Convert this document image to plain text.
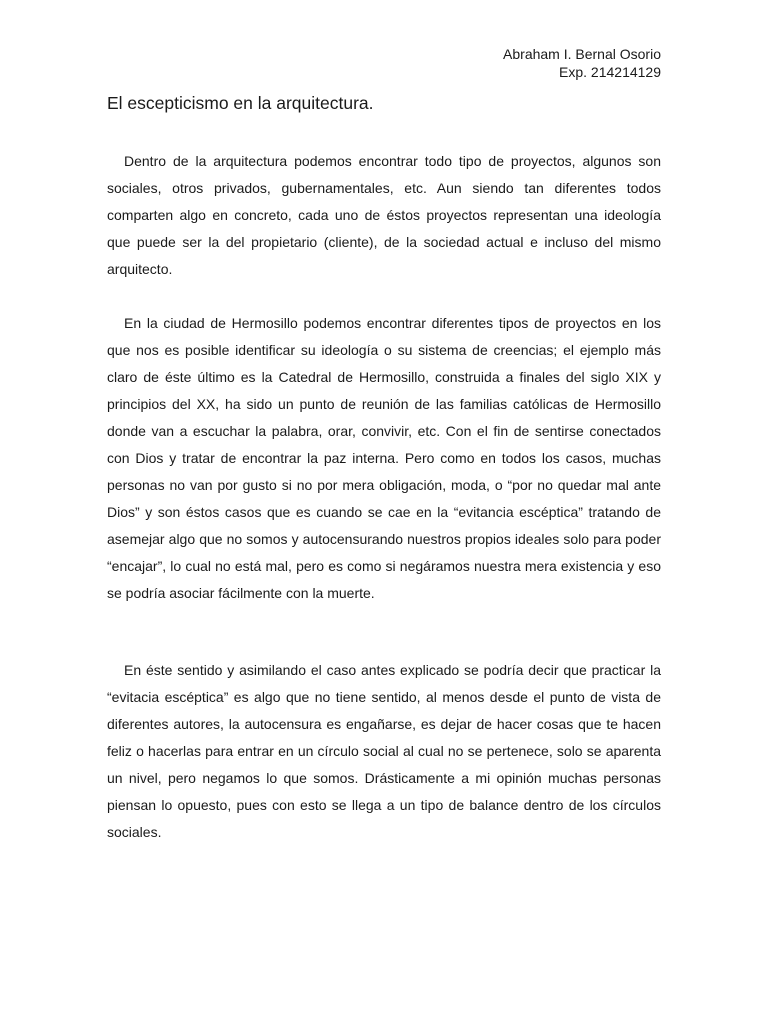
Abraham I. Bernal Osorio
Exp. 214214129
El escepticismo en la arquitectura.

Dentro de la arquitectura podemos encontrar todo tipo de proyectos, algunos son sociales, otros privados, gubernamentales, etc. Aun siendo tan diferentes todos comparten algo en concreto, cada uno de éstos proyectos representan una ideología que puede ser la del propietario (cliente), de la sociedad actual e incluso del mismo arquitecto.

En la ciudad de Hermosillo podemos encontrar diferentes tipos de proyectos en los que nos es posible identificar su ideología o su sistema de creencias; el ejemplo más claro de éste último es la Catedral de Hermosillo, construida a finales del siglo XIX y principios del XX, ha sido un punto de reunión de las familias católicas de Hermosillo donde van a escuchar la palabra, orar, convivir, etc. Con el fin de sentirse conectados con Dios y tratar de encontrar la paz interna. Pero como en todos los casos, muchas personas no van por gusto si no por mera obligación, moda, o “por no quedar mal ante Dios” y son éstos casos que es cuando se cae en la “evitancia escéptica” tratando de asemejar algo que no somos y autocensurando nuestros propios ideales solo para poder “encajar”, lo cual no está mal, pero es como si negáramos nuestra mera existencia y eso se podría asociar fácilmente con la muerte.

En éste sentido y asimilando el caso antes explicado se podría decir que practicar la “evitacia escéptica” es algo que no tiene sentido, al menos desde el punto de vista de diferentes autores, la autocensura es engañarse, es dejar de hacer cosas que te hacen feliz o hacerlas para entrar en un círculo social al cual no se pertenece, solo se aparenta un nivel, pero negamos lo que somos. Drásticamente a mi opinión muchas personas piensan lo opuesto, pues con esto se llega a un tipo de balance dentro de los círculos sociales.
